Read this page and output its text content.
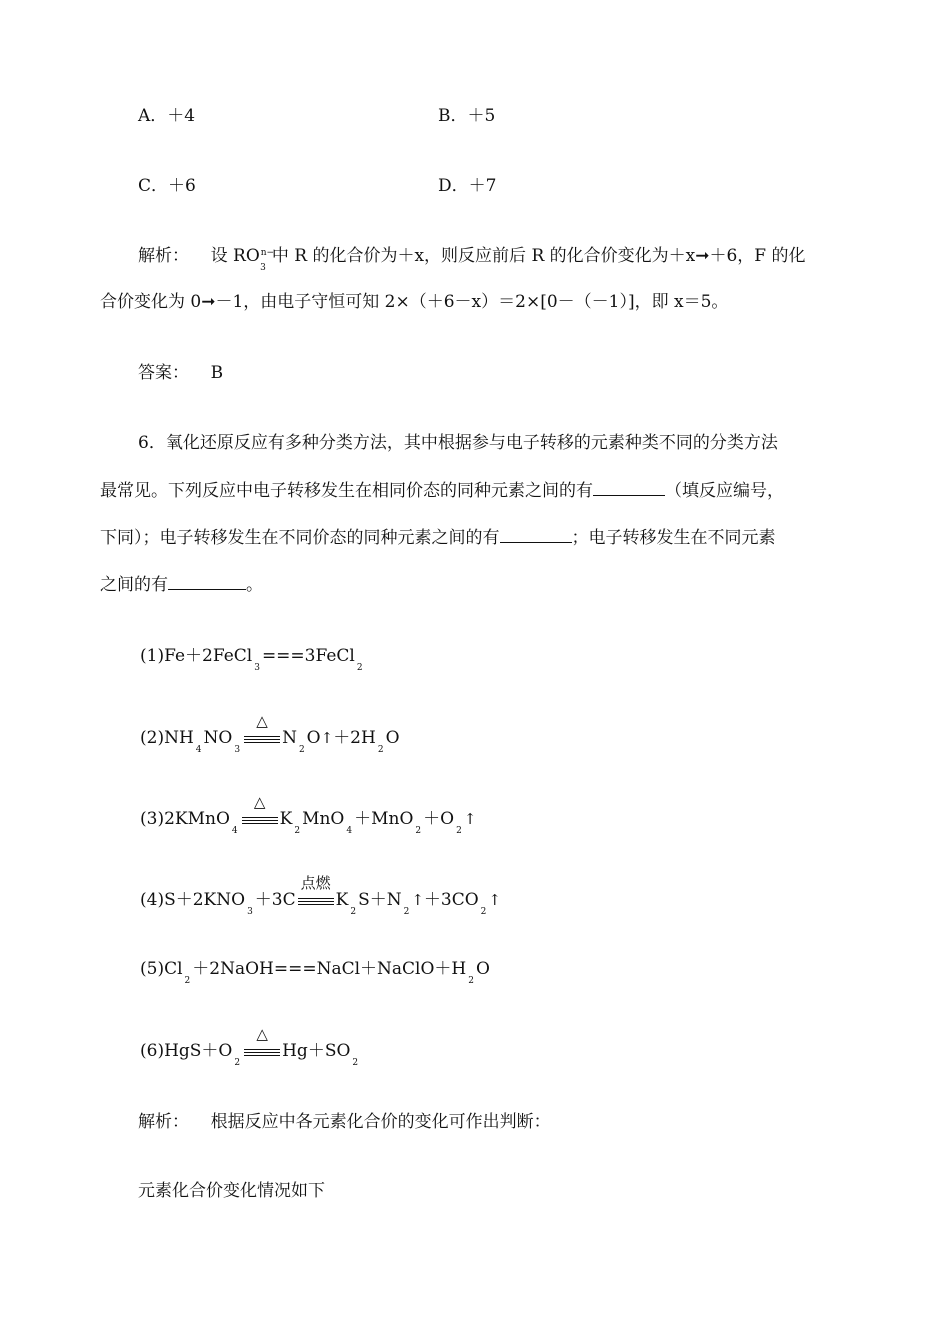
A．＋4	B．＋5
C．＋6	D．＋7
解析： 设 ROn−3中 R 的化合价为＋x，则反应前后 R 的化合价变化为＋x➞＋6，F 的化
合价变化为 0➞－1，由电子守恒可知 2×（＋6－x）＝2×[0－（－1）]，即 x＝5。
答案： B
6．氧化还原反应有多种分类方法，其中根据参与电子转移的元素种类不同的分类方法
最常见。下列反应中电子转移发生在相同价态的同种元素之间的有	（填反应编号，
下同）；电子转移发生在不同价态的同种元素之间的有	；电子转移发生在不同元素
之间的有	。
(1)Fe＋2FeCl3===3FeCl2
(2)NH4NO3
△
N2O↑＋2H2O
(3)2KMnO4
△
K2MnO4＋MnO2＋O2↑
(4)S＋2KNO3＋3C
点燃
K2S＋N2↑＋3CO2↑
(5)Cl2＋2NaOH===NaCl＋NaClO＋H2O
(6)HgS＋O2
△
Hg＋SO2
解析： 根据反应中各元素化合价的变化可作出判断：
元素化合价变化情况如下
